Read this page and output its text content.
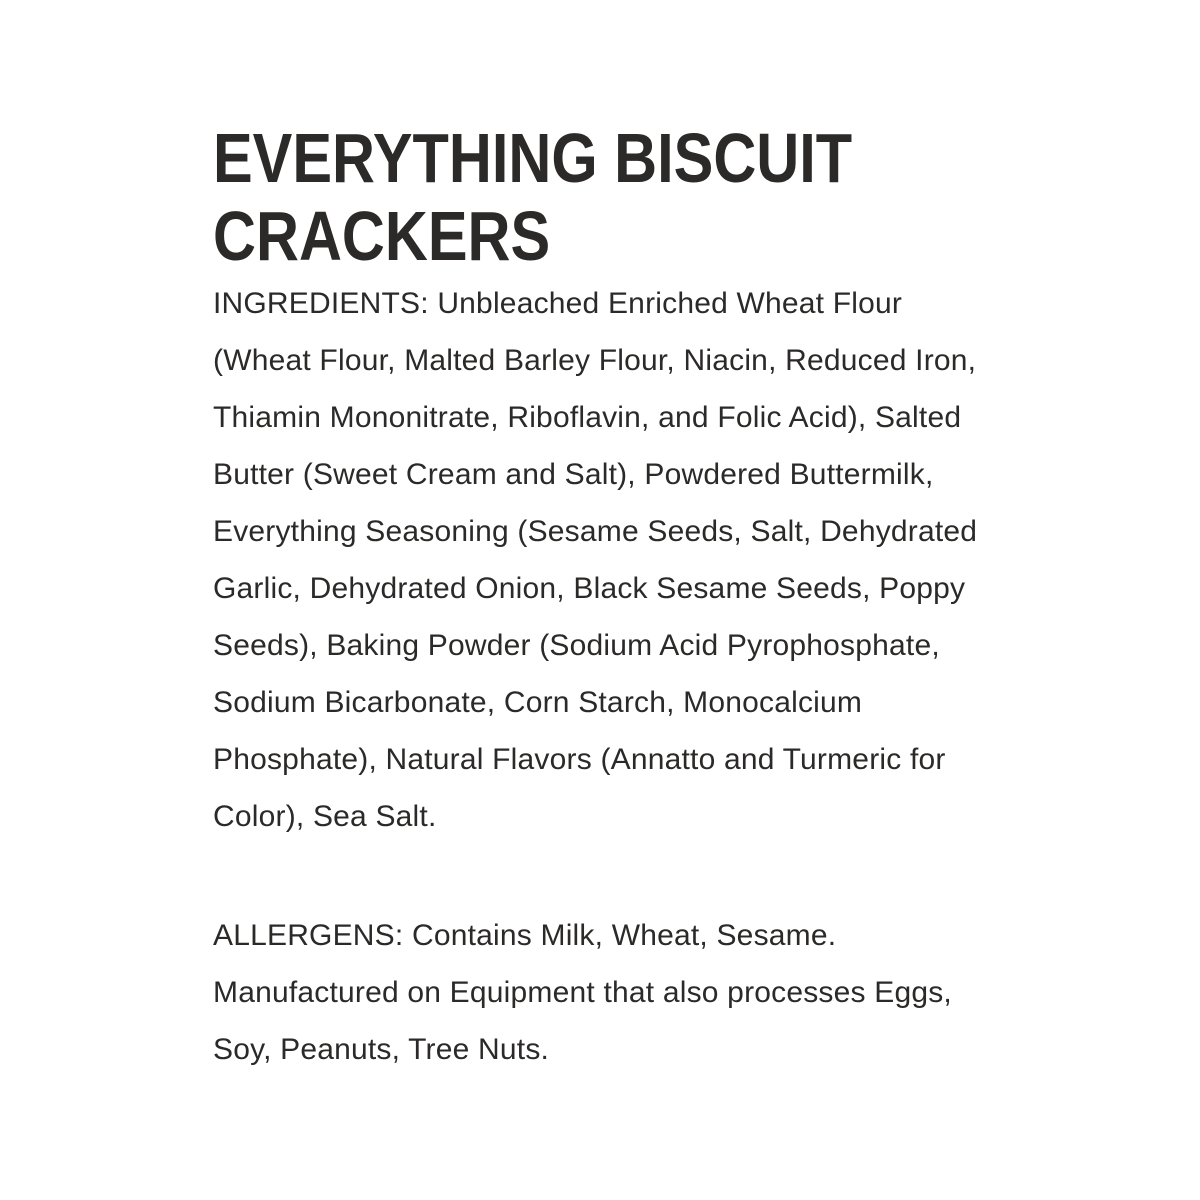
EVERYTHING BISCUIT CRACKERS

INGREDIENTS: Unbleached Enriched Wheat Flour (Wheat Flour, Malted Barley Flour, Niacin, Reduced Iron, Thiamin Mononitrate, Riboflavin, and Folic Acid), Salted Butter (Sweet Cream and Salt), Powdered Buttermilk, Everything Seasoning (Sesame Seeds, Salt, Dehydrated Garlic, Dehydrated Onion, Black Sesame Seeds, Poppy Seeds), Baking Powder (Sodium Acid Pyrophosphate, Sodium Bicarbonate, Corn Starch, Monocalcium Phosphate), Natural Flavors (Annatto and Turmeric for Color), Sea Salt.

ALLERGENS: Contains Milk, Wheat, Sesame. Manufactured on Equipment that also processes Eggs, Soy, Peanuts, Tree Nuts.
